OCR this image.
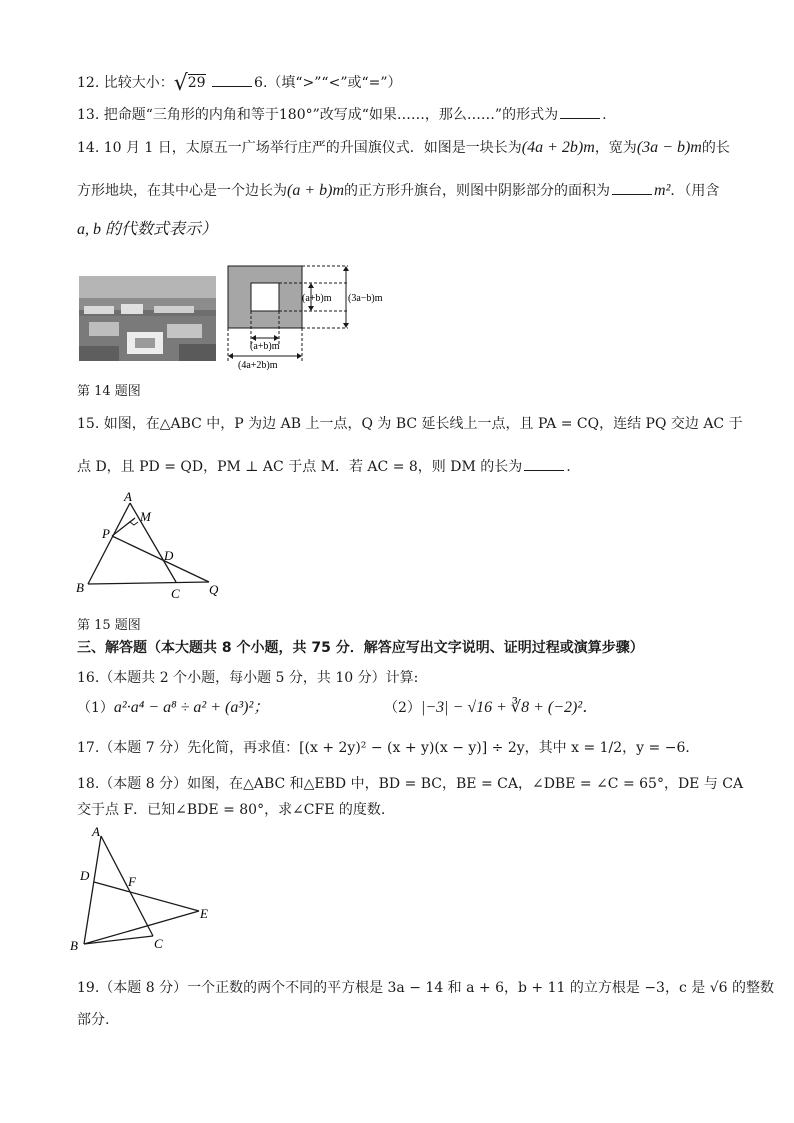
12. 比较大小：√29	6.（填“>”“<”或“=”）
13. 把命题“三角形的内角和等于180°”改写成“如果……，那么……”的形式为	.
14. 10 月 1 日，太原五一广场举行庄严的升国旗仪式．如图是一块长为(4a + 2b)m，宽为(3a − b)m的长
方形地块，在其中心是一个边长为(a + b)m的正方形升旗台，则图中阴影部分的面积为	m²．（用含
a, b 的代数式表示）
(a+b)m (3a−b)m
(a+b)m
(4a+2b)m
第 14 题图
15. 如图，在△ABC 中，P 为边 AB 上一点，Q 为 BC 延长线上一点，且 PA = CQ，连结 PQ 交边 AC 于
点 D，且 PD = QD，PM ⊥ AC 于点 M．若 AC = 8，则 DM 的长为	.
A
M
P
D
B	C Q
第 15 题图
三、解答题（本大题共 8 个小题，共 75 分．解答应写出文字说明、证明过程或演算步骤）
16.（本题共 2 个小题，每小题 5 分，共 10 分）计算:
（1）a²·a⁴ − a⁸ ÷ a² + (a³)²；	（2）|−3| − √16 + ∛8 + (−2)²．
17.（本题 7 分）先化简，再求值：[(x + 2y)² − (x + y)(x − y)] ÷ 2y，其中 x = 1/2，y = −6．
18.（本题 8 分）如图，在△ABC 和△EBD 中，BD = BC，BE = CA，∠DBE = ∠C = 65°，DE 与 CA
交于点 F．已知∠BDE = 80°，求∠CFE 的度数.
A
D	F
E
B	C
19.（本题 8 分）一个正数的两个不同的平方根是 3a − 14 和 a + 6，b + 11 的立方根是 −3，c 是 √6 的整数
部分.
